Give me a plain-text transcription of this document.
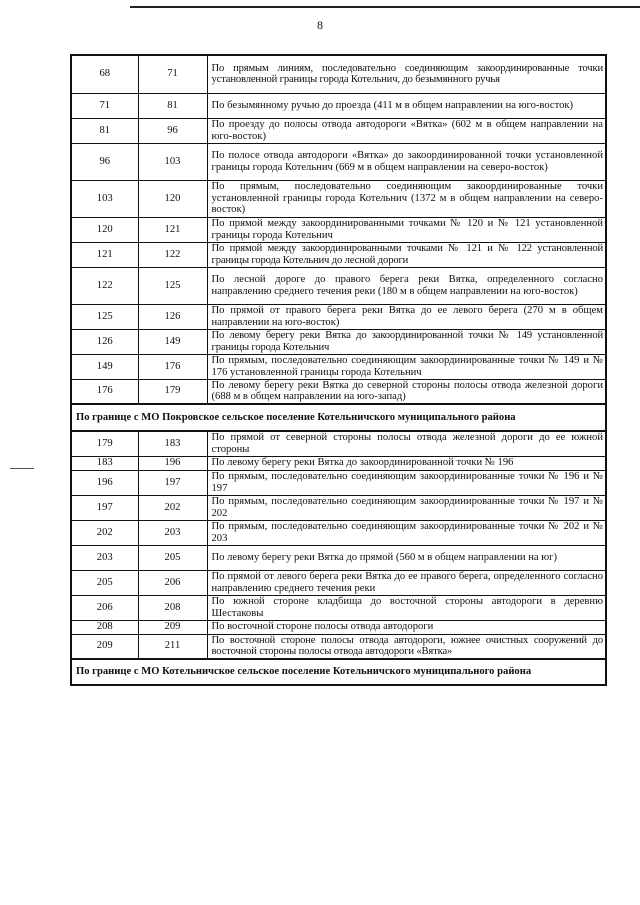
8
68	71	По прямым линиям, последовательно соединяющим закоординированные точки установленной границы города Котельнич, до безымянного ручья
71	81	По безымянному ручью до проезда (411 м в общем направлении на юго-восток)
81	96	По проезду до полосы отвода автодороги «Вятка» (602 м в общем направлении на юго-восток)
96	103	По полосе отвода автодороги «Вятка» до закоординированной точки установленной границы города Котельнич (669 м в общем направлении на северо-восток)
103	120	По прямым, последовательно соединяющим закоординированные точки установленной границы города Котельнич (1372 м в общем направлении на северо-восток)
120	121	По прямой между закоординированными точками № 120 и № 121 установленной границы города Котельнич
121	122	По прямой между закоординированными точками № 121 и № 122 установленной границы города Котельнич до лесной дороги
122	125	По лесной дороге до правого берега реки Вятка, определенного согласно направлению среднего течения реки (180 м в общем направлении на юго-восток)
125	126	По прямой от правого берега реки Вятка до ее левого берега (270 м в общем направлении на юго-восток)
126	149	По левому берегу реки Вятка до закоординированной точки № 149 установленной границы города Котельнич
149	176	По прямым, последовательно соединяющим закоординированные точки № 149 и № 176 установленной границы города Котельнич
176	179	По левому берегу реки Вятка до северной стороны полосы отвода железной дороги (688 м в общем направлении на юго-запад)
По границе с МО Покровское сельское поселение Котельничского муниципального района		
179	183	По прямой от северной стороны полосы отвода железной дороги до ее южной стороны
183	196	По левому берегу реки Вятка до закоординированной точки № 196
196	197	По прямым, последовательно соединяющим закоординированные точки № 196 и № 197
197	202	По прямым, последовательно соединяющим закоординированные точки № 197 и № 202
202	203	По прямым, последовательно соединяющим закоординированные точки № 202 и № 203
203	205	По левому берегу реки Вятка до прямой (560 м в общем направлении на юг)
205	206	По прямой от левого берега реки Вятка до ее правого берега, определенного согласно направлению среднего течения реки
206	208	По южной стороне кладбища до восточной стороны автодороги в деревню Шестаковы
208	209	По восточной стороне полосы отвода автодороги
209	211	По восточной стороне полосы отвода автодороги, южнее очистных сооружений до восточной стороны полосы отвода автодороги «Вятка»
По границе с МО Котельничское сельское поселение Котельничского муниципального района		
